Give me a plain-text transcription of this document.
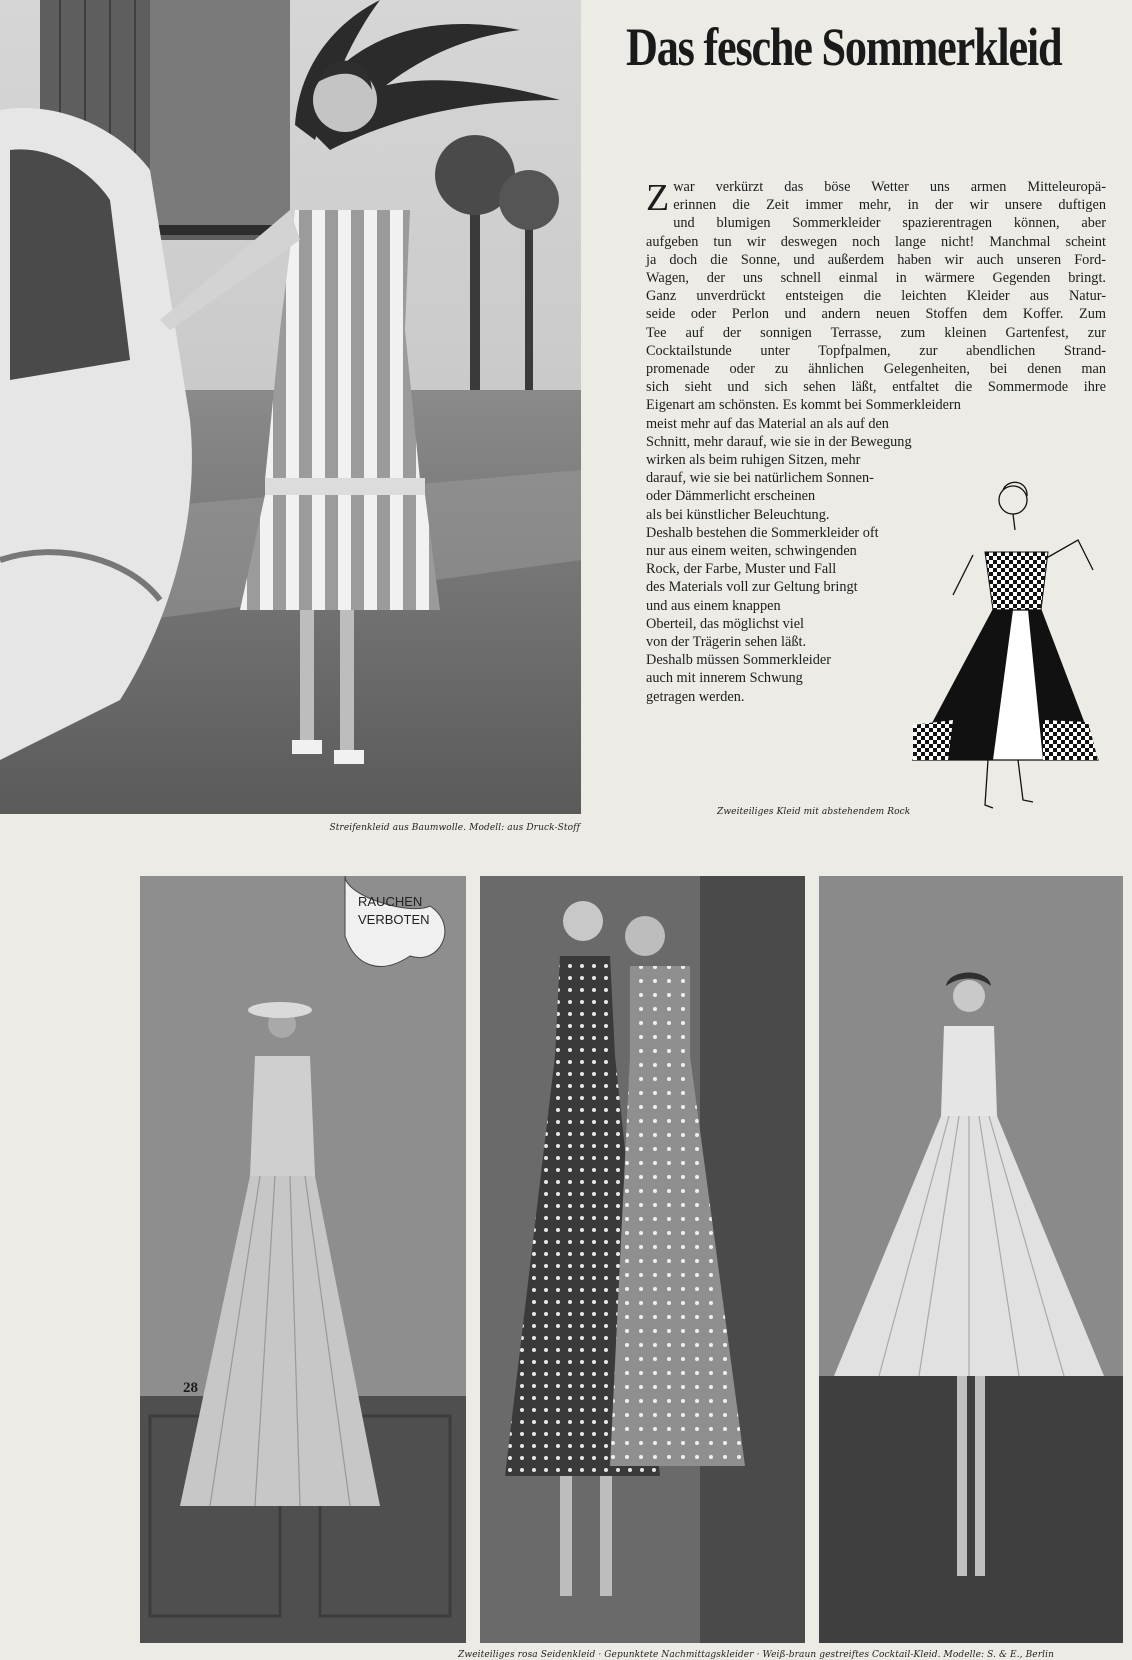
Streifenkleid aus Baumwolle. Modell: aus Druck-Stoff
Das fesche Sommerkleid
Z war verkürzt das böse Wetter uns armen Mitteleuropä-
erinnen die Zeit immer mehr, in der wir unsere duftigen
und blumigen Sommerkleider spazierentragen können, aber
aufgeben tun wir deswegen noch lange nicht! Manchmal scheint
ja doch die Sonne, und außerdem haben wir auch unseren Ford-
Wagen, der uns schnell einmal in wärmere Gegenden bringt.
Ganz unverdrückt entsteigen die leichten Kleider aus Natur-
seide oder Perlon und andern neuen Stoffen dem Koffer. Zum
Tee auf der sonnigen Terrasse, zum kleinen Gartenfest, zur
Cocktailstunde unter Topfpalmen, zur abendlichen Strand-
promenade oder zu ähnlichen Gelegenheiten, bei denen man
sich sieht und sich sehen läßt, entfaltet die Sommermode ihre
Eigenart am schönsten. Es kommt bei Sommerkleidern
meist mehr auf das Material an als auf den
Schnitt, mehr darauf, wie sie in der Bewegung
wirken als beim ruhigen Sitzen, mehr
darauf, wie sie bei natürlichem Sonnen-
oder Dämmerlicht erscheinen
als bei künstlicher Beleuchtung.
Deshalb bestehen die Sommerkleider oft
nur aus einem weiten, schwingenden
Rock, der Farbe, Muster und Fall
des Materials voll zur Geltung bringt
und aus einem knappen
Oberteil, das möglichst viel
von der Trägerin sehen läßt.
Deshalb müssen Sommerkleider
auch mit innerem Schwung
getragen werden.
Zweiteiliges Kleid mit abstehendem Rock
RAUCHEN
VERBOTEN
Zweiteiliges rosa Seidenkleid · Gepunktete Nachmittagskleider · Weiß-braun gestreiftes Cocktail-Kleid. Modelle: S. & E., Berlin
28
